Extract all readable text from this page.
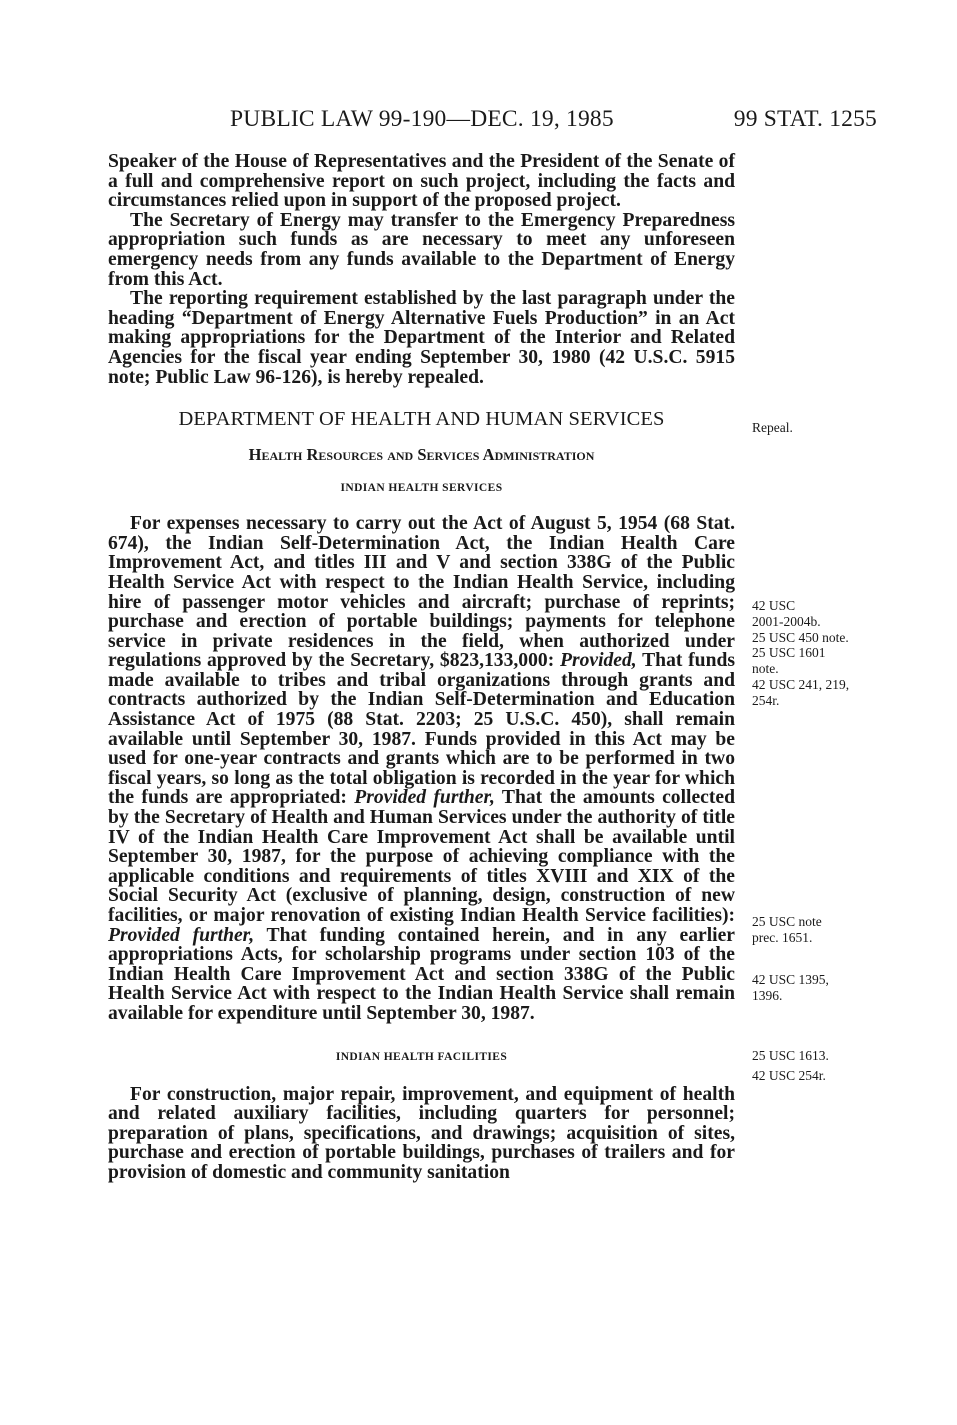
PUBLIC LAW 99-190—DEC. 19, 1985	99 STAT. 1255

Speaker of the House of Representatives and the President of the Senate of a full and comprehensive report on such project, including the facts and circumstances relied upon in support of the proposed project.

The Secretary of Energy may transfer to the Emergency Preparedness appropriation such funds as are necessary to meet any unforeseen emergency needs from any funds available to the Department of Energy from this Act.

The reporting requirement established by the last paragraph under the heading “Department of Energy Alternative Fuels Production” in an Act making appropriations for the Department of the Interior and Related Agencies for the fiscal year ending September 30, 1980 (42 U.S.C. 5915 note; Public Law 96-126), is hereby repealed.

DEPARTMENT OF HEALTH AND HUMAN SERVICES

Health Resources and Services Administration

INDIAN HEALTH SERVICES

For expenses necessary to carry out the Act of August 5, 1954 (68 Stat. 674), the Indian Self-Determination Act, the Indian Health Care Improvement Act, and titles III and V and section 338G of the Public Health Service Act with respect to the Indian Health Service, including hire of passenger motor vehicles and aircraft; purchase of reprints; purchase and erection of portable buildings; payments for telephone service in private residences in the field, when authorized under regulations approved by the Secretary, $823,133,000: Provided, That funds made available to tribes and tribal organizations through grants and contracts authorized by the Indian Self-Determination and Education Assistance Act of 1975 (88 Stat. 2203; 25 U.S.C. 450), shall remain available until September 30, 1987. Funds provided in this Act may be used for one-year contracts and grants which are to be performed in two fiscal years, so long as the total obligation is recorded in the year for which the funds are appropriated: Provided further, That the amounts collected by the Secretary of Health and Human Services under the authority of title IV of the Indian Health Care Improvement Act shall be available until September 30, 1987, for the purpose of achieving compliance with the applicable conditions and requirements of titles XVIII and XIX of the Social Security Act (exclusive of planning, design, construction of new facilities, or major renovation of existing Indian Health Service facilities): Provided further, That funding contained herein, and in any earlier appropriations Acts, for scholarship programs under section 103 of the Indian Health Care Improvement Act and section 338G of the Public Health Service Act with respect to the Indian Health Service shall remain available for expenditure until September 30, 1987.

INDIAN HEALTH FACILITIES

For construction, major repair, improvement, and equipment of health and related auxiliary facilities, including quarters for personnel; preparation of plans, specifications, and drawings; acquisition of sites, purchase and erection of portable buildings, purchases of trailers and for provision of domestic and community sanitation

Repeal.
42 USC
2001-2004b.
25 USC 450 note.
25 USC 1601
note.
42 USC 241, 219,
254r.
25 USC note
prec. 1651.
42 USC 1395,
1396.
25 USC 1613.
42 USC 254r.
